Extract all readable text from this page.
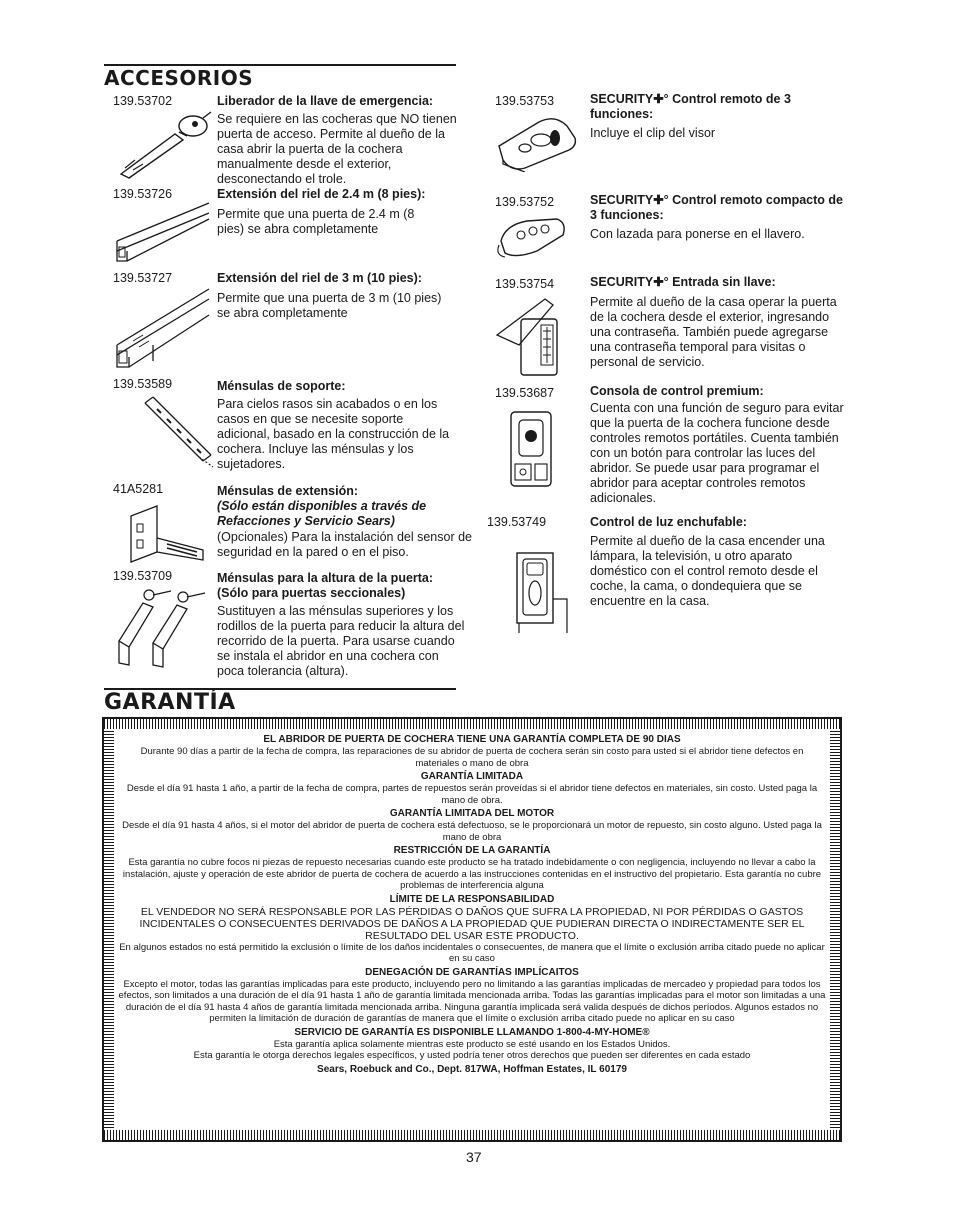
ACCESORIOS
139.53702	Liberador de la llave de emergencia:
Se requiere en las cocheras que NO tienen puerta de acceso. Permite al dueño de la casa abrir la puerta de la cochera manualmente desde el exterior, desconectando el trole.
139.53726	Extensión del riel de 2.4 m (8 pies):
Permite que una puerta de 2.4 m (8 pies) se abra completamente
139.53727	Extensión del riel de 3 m (10 pies):
Permite que una puerta de 3 m (10 pies) se abra completamente
139.53589	Ménsulas de soporte:
Para cielos rasos sin acabados o en los casos en que se necesite soporte adicional, basado en la construcción de la cochera. Incluye las ménsulas y los sujetadores.
41A5281	Ménsulas de extensión:
(Sólo están disponibles a través de Refacciones y Servicio Sears)
(Opcionales) Para la instalación del sensor de seguridad en la pared o en el piso.
139.53709	Ménsulas para la altura de la puerta: (Sólo para puertas seccionales)
Sustituyen a las ménsulas superiores y los rodillos de la puerta para reducir la altura del recorrido de la puerta. Para usarse cuando se instala el abridor en una cochera con poca tolerancia (altura).
139.53753	SECURITY✚° Control remoto de 3 funciones:
Incluye el clip del visor
139.53752	SECURITY✚° Control remoto compacto de 3 funciones:
Con lazada para ponerse en el llavero.
139.53754	SECURITY✚° Entrada sin llave:
Permite al dueño de la casa operar la puerta de la cochera desde el exterior, ingresando una contraseña. También puede agregarse una contraseña temporal para visitas o personal de servicio.
139.53687	Consola de control premium:
Cuenta con una función de seguro para evitar que la puerta de la cochera funcione desde controles remotos portátiles. Cuenta también con un botón para controlar las luces del abridor. Se puede usar para programar el abridor para aceptar controles remotos adicionales.
139.53749	Control de luz enchufable:
Permite al dueño de la casa encender una lámpara, la televisión, u otro aparato doméstico con el control remoto desde el coche, la cama, o dondequiera que se encuentre en la casa.
GARANTÍA
EL ABRIDOR DE PUERTA DE COCHERA TIENE UNA GARANTÍA COMPLETA DE 90 DIAS
Durante 90 días a partir de la fecha de compra, las reparaciones de su abridor de puerta de cochera serán sin costo para usted si el abridor tiene defectos en materiales o mano de obra
GARANTÍA LIMITADA
Desde el día 91 hasta 1 año, a partir de la fecha de compra, partes de repuestos serán proveídas si el abridor tiene defectos en materiales, sin costo. Usted paga la mano de obra.
GARANTÍA LIMITADA DEL MOTOR
Desde el día 91 hasta 4 años, si el motor del abridor de puerta de cochera está defectuoso, se le proporcionará un motor de repuesto, sin costo alguno. Usted paga la mano de obra
RESTRICCIÓN DE LA GARANTÍA
Esta garantía no cubre focos ni piezas de repuesto necesarias cuando este producto se ha tratado indebidamente o con negligencia, incluyendo no llevar a cabo la instalación, ajuste y operación de este abridor de puerta de cochera de acuerdo a las instrucciones contenidas en el instructivo del propietario. Esta garantía no cubre problemas de interferencia alguna
LÍMITE DE LA RESPONSABILIDAD
EL VENDEDOR NO SERÁ RESPONSABLE POR LAS PÉRDIDAS O DAÑOS QUE SUFRA LA PROPIEDAD, NI POR PÉRDIDAS O GASTOS INCIDENTALES O CONSECUENTES DERIVADOS DE DAÑOS A LA PROPIEDAD QUE PUDIERAN DIRECTA O INDIRECTAMENTE SER EL RESULTADO DEL USAR ESTE PRODUCTO.
En algunos estados no está permitido la exclusión o límite de los daños incidentales o consecuentes, de manera que el límite o exclusión arriba citado puede no aplicar en su caso
DENEGACIÓN DE GARANTÍAS IMPLÍCAITOS
Excepto el motor, todas las garantías implicadas para este producto, incluyendo pero no limitando a las garantías implicadas de mercadeo y propiedad para todos los efectos, son limitados a una duración de el día 91 hasta 1 año de garantía limitada mencionada arriba. Todas las garantías implicadas para el motor son limitadas a una duración de el día 91 hasta 4 años de garantía limitada mencionada arriba. Ninguna garantía implicada será valida después de dichos períodos. Algunos estados no permiten la limitación de duración de garantías de manera que el límite o exclusión arriba citado puede no aplicar en su caso
SERVICIO DE GARANTÍA ES DISPONIBLE LLAMANDO 1-800-4-MY-HOME®
Esta garantía aplica solamente mientras este producto se esté usando en los Estados Unidos.
Esta garantía le otorga derechos legales específicos, y usted podría tener otros derechos que pueden ser diferentes en cada estado
Sears, Roebuck and Co., Dept. 817WA, Hoffman Estates, IL 60179
37
